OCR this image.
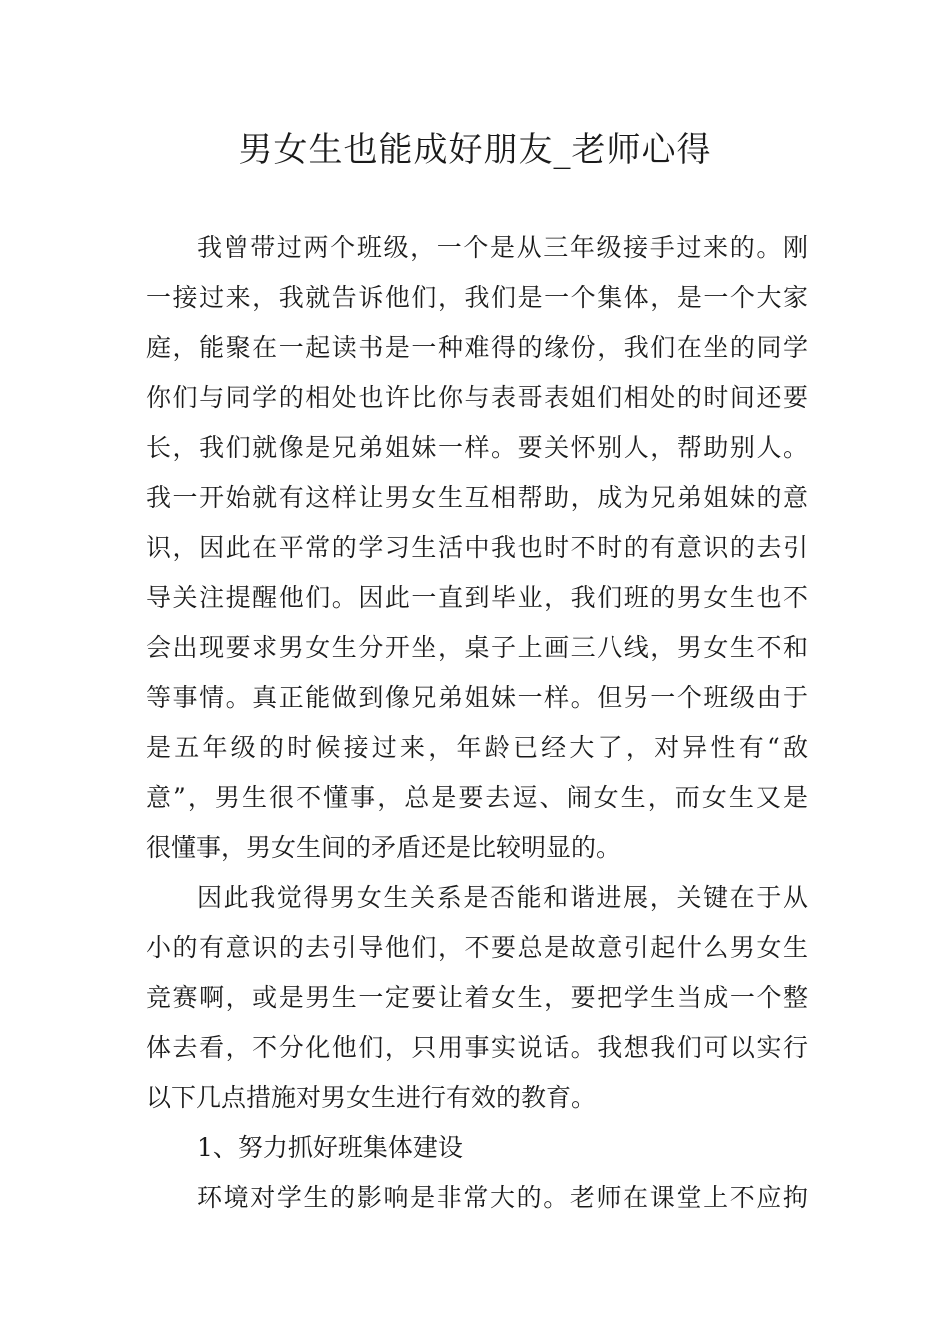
男女生也能成好朋友_老师心得
我曾带过两个班级，一个是从三年级接手过来的。刚
一接过来，我就告诉他们，我们是一个集体，是一个大家
庭，能聚在一起读书是一种难得的缘份，我们在坐的同学
你们与同学的相处也许比你与表哥表姐们相处的时间还要
长，我们就像是兄弟姐妹一样。要关怀别人，帮助别人。
我一开始就有这样让男女生互相帮助，成为兄弟姐妹的意
识，因此在平常的学习生活中我也时不时的有意识的去引
导关注提醒他们。因此一直到毕业，我们班的男女生也不
会出现要求男女生分开坐，桌子上画三八线，男女生不和
等事情。真正能做到像兄弟姐妹一样。但另一个班级由于
是五年级的时候接过来，年龄已经大了，对异性有“敌
意”，男生很不懂事，总是要去逗、闹女生，而女生又是
很懂事，男女生间的矛盾还是比较明显的。
因此我觉得男女生关系是否能和谐进展，关键在于从
小的有意识的去引导他们，不要总是故意引起什么男女生
竞赛啊，或是男生一定要让着女生，要把学生当成一个整
体去看，不分化他们，只用事实说话。我想我们可以实行
以下几点措施对男女生进行有效的教育。
1、努力抓好班集体建设
环境对学生的影响是非常大的。老师在课堂上不应拘
